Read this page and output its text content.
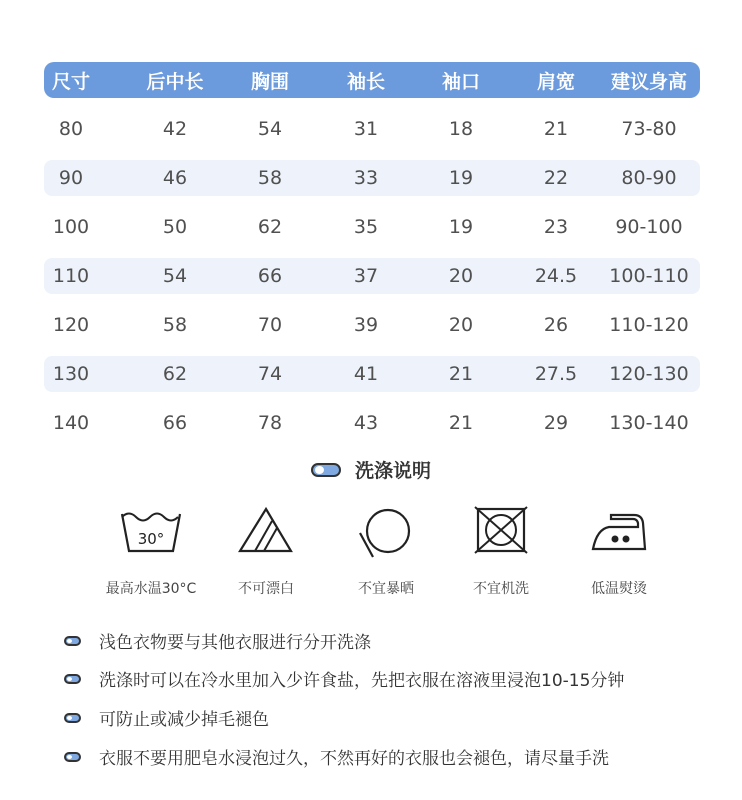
尺寸	后中长 胸围	袖长	袖口	肩宽 建议身高
80	42	54	31	18	21	73-80
90	46	58	33	19	22	80-90
100	50	62	35	19	23 90-100
110	54	66	37	20	24.5 100-110
120	58	70	39	20	26 110-120
130	62	74	41	21	27.5 120-130
140	66	78	43	21	29 130-140
洗涤说明
30°
最高水温30°C	不可漂白	不宜暴晒	不宜机洗	低温熨烫
浅色衣物要与其他衣服进行分开洗涤
洗涤时可以在冷水里加入少许食盐，先把衣服在溶液里浸泡10-15分钟
可防止或减少掉毛褪色
衣服不要用肥皂水浸泡过久，不然再好的衣服也会褪色，请尽量手洗
